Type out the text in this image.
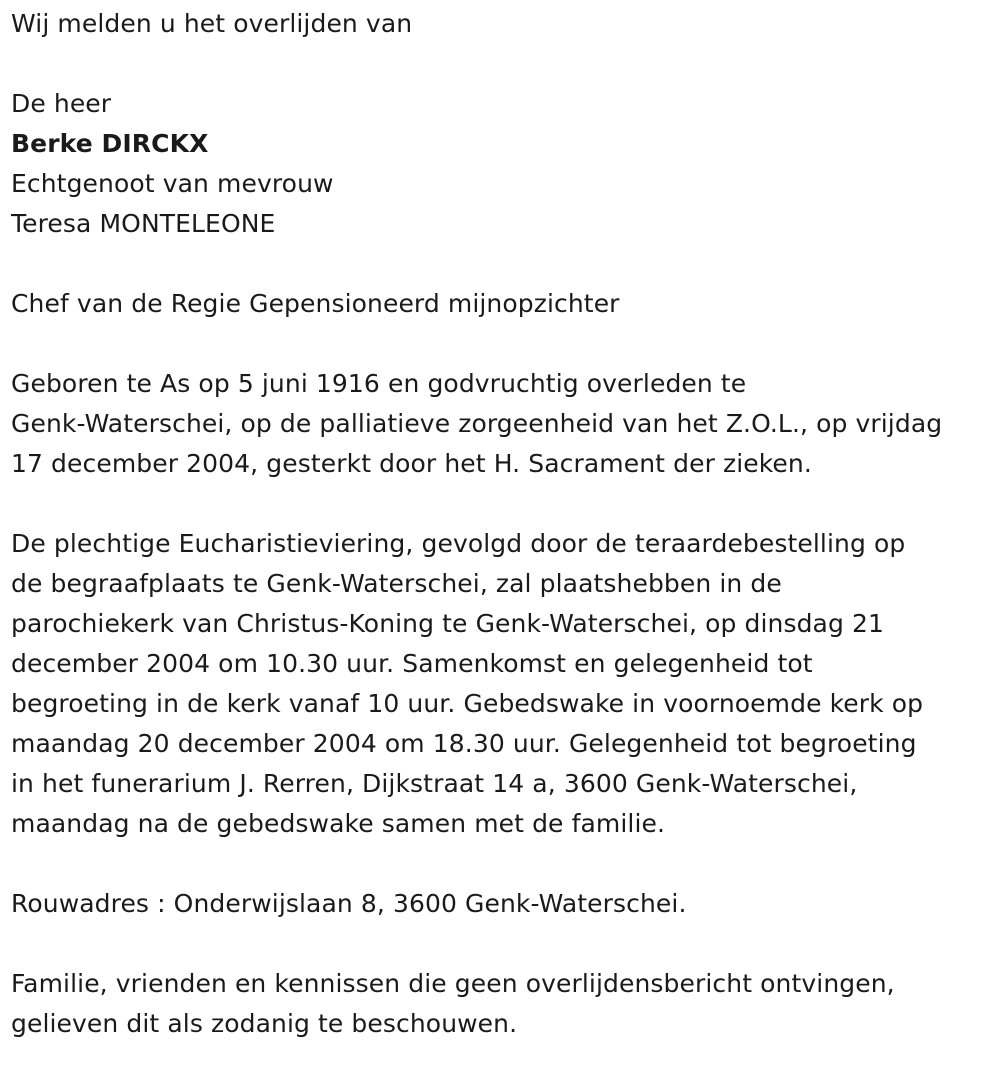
Wij melden u het overlijden van
De heer
Berke DIRCKX
Echtgenoot van mevrouw
Teresa MONTELEONE
Chef van de Regie Gepensioneerd mijnopzichter
Geboren te As op 5 juni 1916 en godvruchtig overleden te
Genk-Waterschei, op de palliatieve zorgeenheid van het Z.O.L., op vrijdag
17 december 2004, gesterkt door het H. Sacrament der zieken.
De plechtige Eucharistieviering, gevolgd door de teraardebestelling op
de begraafplaats te Genk-Waterschei, zal plaatshebben in de
parochiekerk van Christus-Koning te Genk-Waterschei, op dinsdag 21
december 2004 om 10.30 uur. Samenkomst en gelegenheid tot
begroeting in de kerk vanaf 10 uur. Gebedswake in voornoemde kerk op
maandag 20 december 2004 om 18.30 uur. Gelegenheid tot begroeting
in het funerarium J. Rerren, Dijkstraat 14 a, 3600 Genk-Waterschei,
maandag na de gebedswake samen met de familie.
Rouwadres : Onderwijslaan 8, 3600 Genk-Waterschei.
Familie, vrienden en kennissen die geen overlijdensbericht ontvingen,
gelieven dit als zodanig te beschouwen.
